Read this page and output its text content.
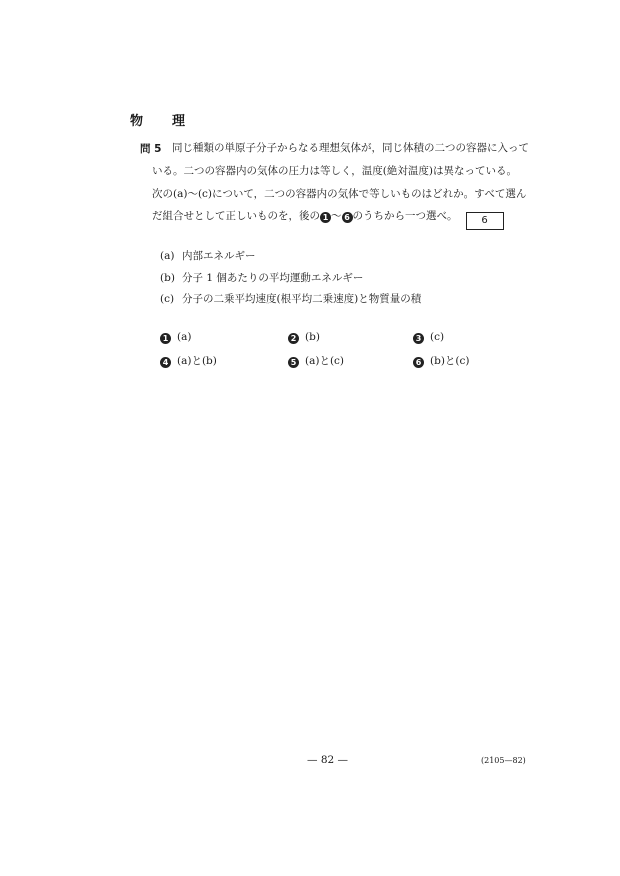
物　理
問 5 同じ種類の単原子分子からなる理想気体が，同じ体積の二つの容器に入って
いる。二つの容器内の気体の圧力は等しく，温度(絶対温度)は異なっている。
次の(a)～(c)について，二つの容器内の気体で等しいものはどれか。すべて選ん
だ組合せとして正しいものを，後の 1 ～ 6 のうちから一つ選べ。 6
(a) 内部エネルギー
(b) 分子 1 個あたりの平均運動エネルギー
(c) 分子の二乗平均速度(根平均二乗速度)と物質量の積
1 (a)	2 (b)	3 (c)
4 (a)と(b)	5 (a)と(c)	6 (b)と(c)
— 82 —	(2105—82)
